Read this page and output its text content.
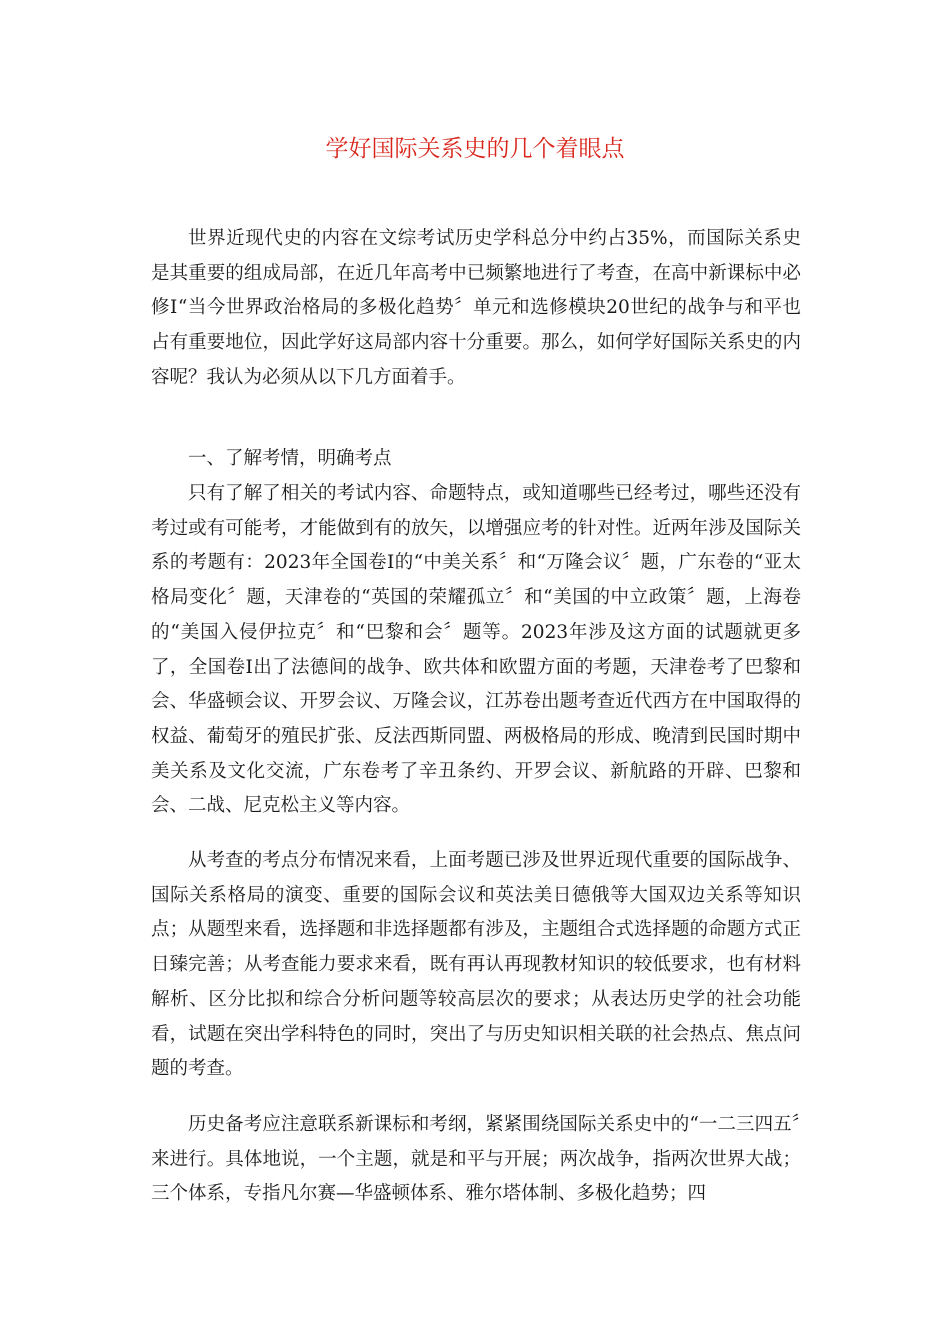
学好国际关系史的几个着眼点

世界近现代史的内容在文综考试历史学科总分中约占35%，而国际关系史是其重要的组成局部，在近几年高考中已频繁地进行了考查，在高中新课标中必修Ⅰ“当今世界政治格局的多极化趋势〞单元和选修模块20世纪的战争与和平也占有重要地位，因此学好这局部内容十分重要。那么，如何学好国际关系史的内容呢？我认为必须从以下几方面着手。

一、了解考情，明确考点

只有了解了相关的考试内容、命题特点，或知道哪些已经考过，哪些还没有考过或有可能考，才能做到有的放矢，以增强应考的针对性。近两年涉及国际关系的考题有：2023年全国卷Ⅰ的“中美关系〞和“万隆会议〞题，广东卷的“亚太格局变化〞题，天津卷的“英国的荣耀孤立〞和“美国的中立政策〞题，上海卷的“美国入侵伊拉克〞和“巴黎和会〞题等。2023年涉及这方面的试题就更多了，全国卷Ⅰ出了法德间的战争、欧共体和欧盟方面的考题，天津卷考了巴黎和会、华盛顿会议、开罗会议、万隆会议，江苏卷出题考查近代西方在中国取得的权益、葡萄牙的殖民扩张、反法西斯同盟、两极格局的形成、晚清到民国时期中美关系及文化交流，广东卷考了辛丑条约、开罗会议、新航路的开辟、巴黎和会、二战、尼克松主义等内容。

从考查的考点分布情况来看，上面考题已涉及世界近现代重要的国际战争、国际关系格局的演变、重要的国际会议和英法美日德俄等大国双边关系等知识点；从题型来看，选择题和非选择题都有涉及，主题组合式选择题的命题方式正日臻完善；从考查能力要求来看，既有再认再现教材知识的较低要求，也有材料解析、区分比拟和综合分析问题等较高层次的要求；从表达历史学的社会功能看，试题在突出学科特色的同时，突出了与历史知识相关联的社会热点、焦点问题的考查。

历史备考应注意联系新课标和考纲，紧紧围绕国际关系史中的“一二三四五〞来进行。具体地说，一个主题，就是和平与开展；两次战争，指两次世界大战；三个体系，专指凡尔赛—华盛顿体系、雅尔塔体制、多极化趋势；四
